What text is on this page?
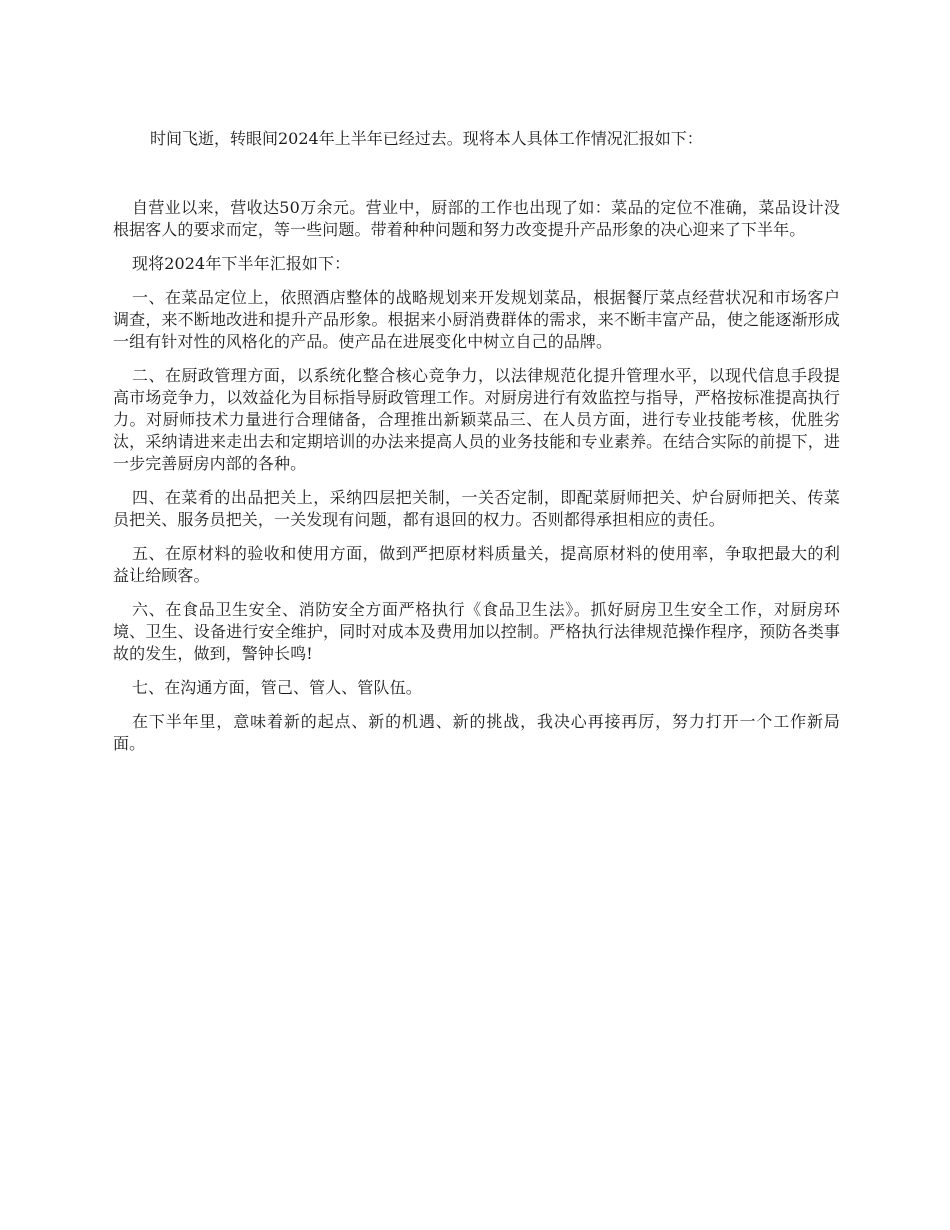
时间飞逝，转眼间2024年上半年已经过去。现将本人具体工作情况汇报如下：

自营业以来，营收达50万余元。营业中，厨部的工作也出现了如：菜品的定位不准确，菜品设计没根据客人的要求而定，等一些问题。带着种种问题和努力改变提升产品形象的决心迎来了下半年。

现将2024年下半年汇报如下：

一、在菜品定位上，依照酒店整体的战略规划来开发规划菜品，根据餐厅菜点经营状况和市场客户调查，来不断地改进和提升产品形象。根据来小厨消费群体的需求，来不断丰富产品，使之能逐渐形成一组有针对性的风格化的产品。使产品在进展变化中树立自己的品牌。

二、在厨政管理方面，以系统化整合核心竞争力，以法律规范化提升管理水平，以现代信息手段提高市场竞争力，以效益化为目标指导厨政管理工作。对厨房进行有效监控与指导，严格按标准提高执行力。对厨师技术力量进行合理储备，合理推出新颖菜品三、在人员方面，进行专业技能考核，优胜劣汰，采纳请进来走出去和定期培训的办法来提高人员的业务技能和专业素养。在结合实际的前提下，进一步完善厨房内部的各种。

四、在菜肴的出品把关上，采纳四层把关制，一关否定制，即配菜厨师把关、炉台厨师把关、传菜员把关、服务员把关，一关发现有问题，都有退回的权力。否则都得承担相应的责任。

五、在原材料的验收和使用方面，做到严把原材料质量关，提高原材料的使用率，争取把最大的利益让给顾客。

六、在食品卫生安全、消防安全方面严格执行《食品卫生法》。抓好厨房卫生安全工作，对厨房环境、卫生、设备进行安全维护，同时对成本及费用加以控制。严格执行法律规范操作程序，预防各类事故的发生，做到，警钟长鸣!

七、在沟通方面，管己、管人、管队伍。

在下半年里，意味着新的起点、新的机遇、新的挑战，我决心再接再厉，努力打开一个工作新局面。
